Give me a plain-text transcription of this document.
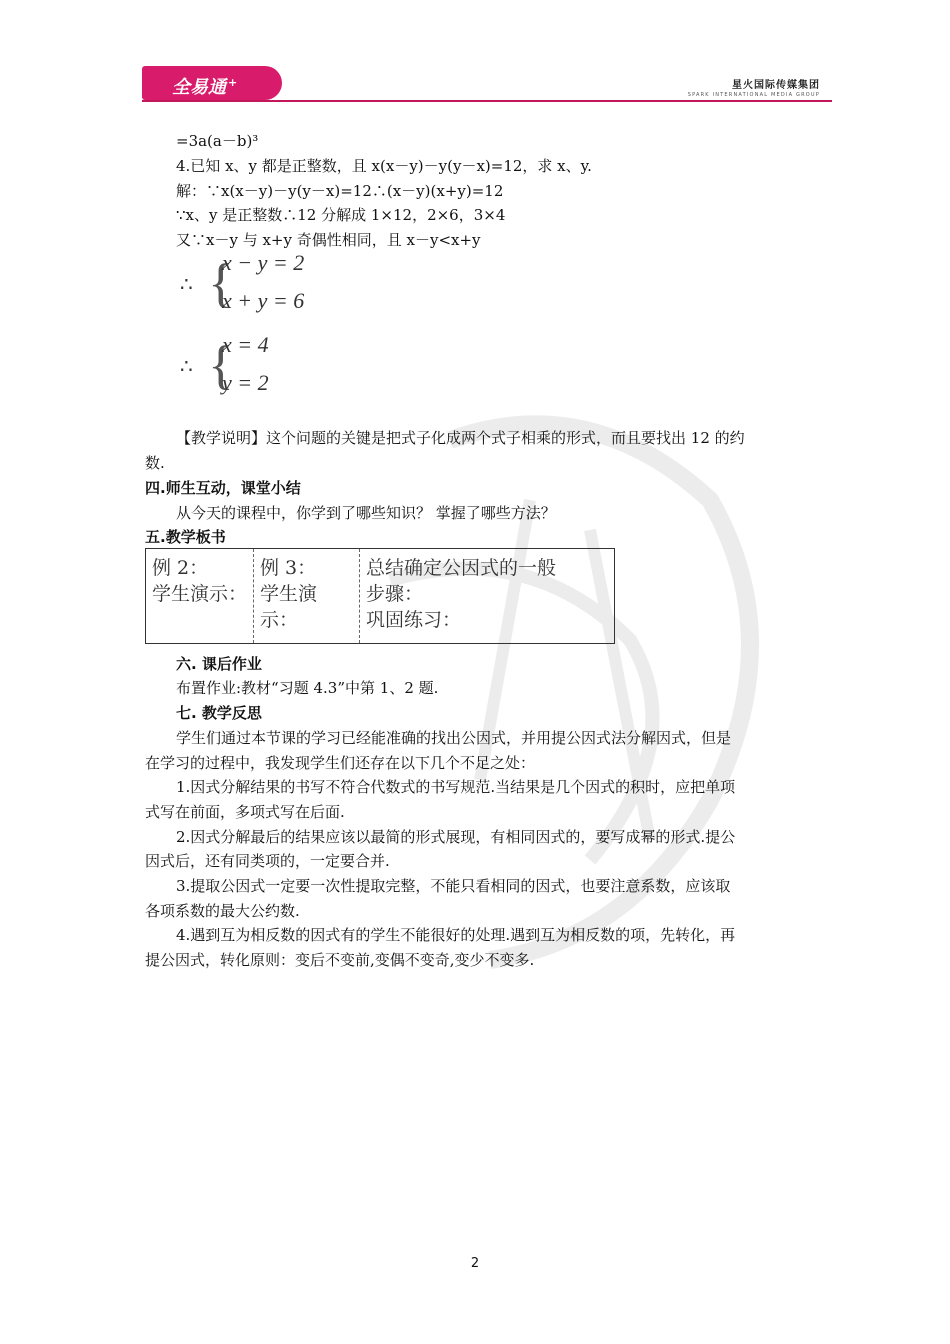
全易通 +	星火国际传媒集团
SPARK INTERNATIONAL MEDIA GROUP
=3a(a－b)³
4.已知 x、y 都是正整数，且 x(x－y)－y(y－x)=12，求 x、y.
解：∵x(x－y)－y(y－x)=12∴(x－y)(x+y)=12
∵x、y 是正整数∴12 分解成 1×12，2×6，3×4
又∵x－y 与 x+y 奇偶性相同，且 x－y<x+y
∴ {
x − y = 2
x + y = 6
∴ {
x = 4
y = 2
【教学说明】这个问题的关键是把式子化成两个式子相乘的形式，而且要找出 12 的约
数.
四.师生互动，课堂小结
从今天的课程中，你学到了哪些知识？ 掌握了哪些方法？
五.教学板书
例 2：
学生演示：
例 3：
学生演示：
总结确定公因式的一般
步骤：
巩固练习：
六. 课后作业
布置作业:教材“习题 4.3”中第 1、2 题.
七. 教学反思
学生们通过本节课的学习已经能准确的找出公因式，并用提公因式法分解因式，但是
在学习的过程中，我发现学生们还存在以下几个不足之处：
1.因式分解结果的书写不符合代数式的书写规范.当结果是几个因式的积时，应把单项
式写在前面，多项式写在后面.
2.因式分解最后的结果应该以最简的形式展现，有相同因式的，要写成幂的形式.提公
因式后，还有同类项的，一定要合并.
3.提取公因式一定要一次性提取完整，不能只看相同的因式，也要注意系数，应该取
各项系数的最大公约数.
4.遇到互为相反数的因式有的学生不能很好的处理.遇到互为相反数的项，先转化，再
提公因式，转化原则：变后不变前,变偶不变奇,变少不变多.
2
